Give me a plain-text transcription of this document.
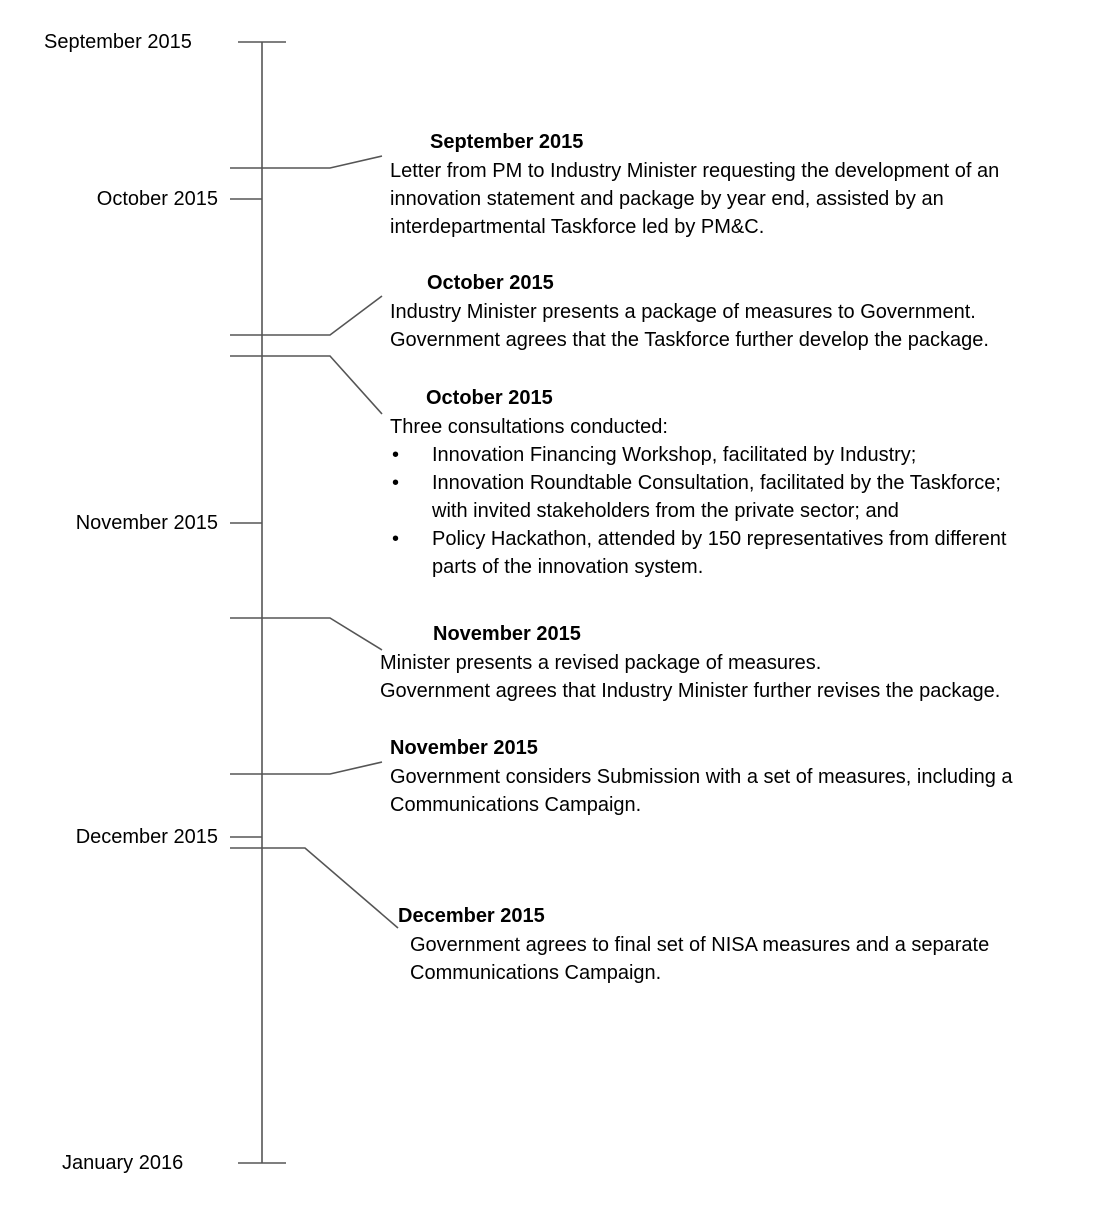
September 2015
October 2015
November 2015
December 2015
January 2016
September 2015
Letter from PM to Industry Minister requesting the development of an
innovation statement and package by year end, assisted by an
interdepartmental Taskforce led by PM&C.
October 2015
Industry Minister presents a package of measures to Government.
Government agrees that the Taskforce further develop the package.
October 2015
Three consultations conducted:
• Innovation Financing Workshop, facilitated by Industry;
• Innovation Roundtable Consultation, facilitated by the Taskforce;
with invited stakeholders from the private sector; and
• Policy Hackathon, attended by 150 representatives from different
parts of the innovation system.
November 2015
Minister presents a revised package of measures.
Government agrees that Industry Minister further revises the package.
November 2015
Government considers Submission with a set of measures, including a
Communications Campaign.
December 2015
Government agrees to final set of NISA measures and a separate
Communications Campaign.
